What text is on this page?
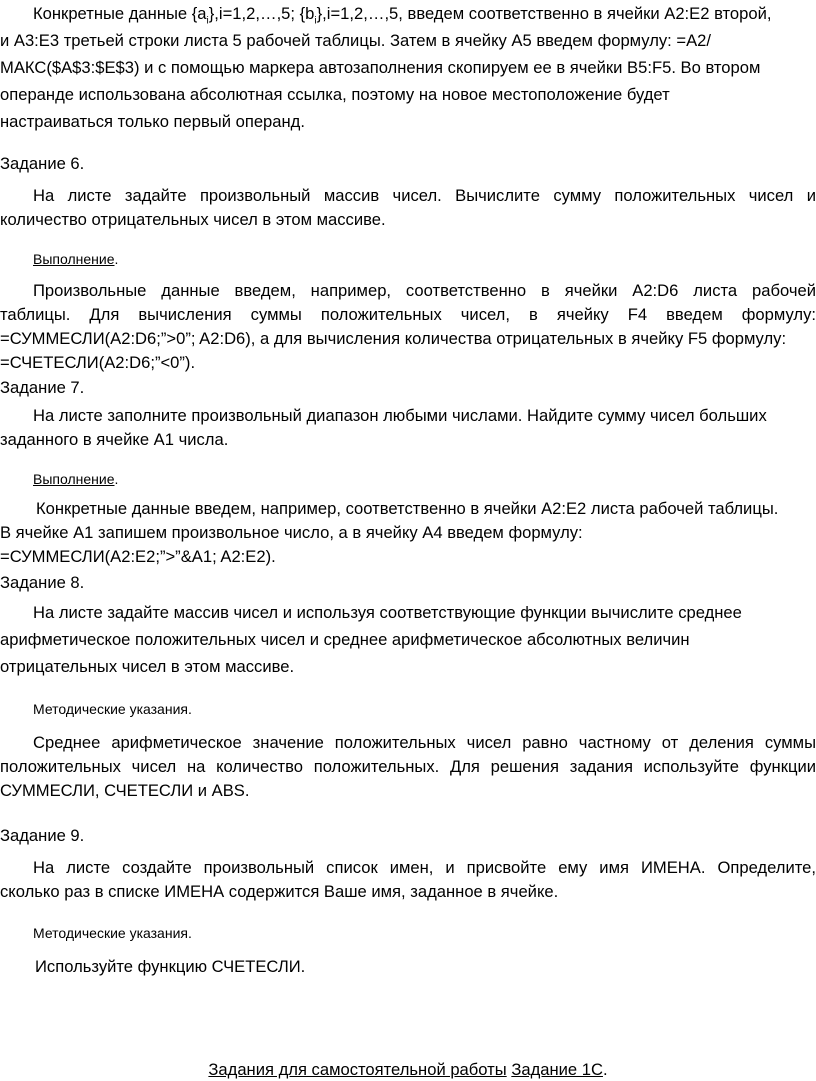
Конкретные данные $\{a_i\},i=1,2,\dots,5$; $\{b_i\},i=1,2,\dots,5$, введем соответственно в ячейки A2:E2 второй,

и A3:E3 третьей строки листа 5 рабочей таблицы. Затем в ячейку A5 введем формулу: =A2/

МАКС($A$3:$E$3) и с помощью маркера автозаполнения скопируем ее в ячейки B5:F5. Во втором

операнде использована абсолютная ссылка, поэтому на новое местоположение будет

настраиваться только первый операнд.

Задание 6.

На листе задайте произвольный массив чисел. Вычислите сумму положительных чисел и

количество отрицательных чисел в этом массиве.

Выполнение.

Произвольные данные введем, например, соответственно в ячейки A2:D6 листа рабочей

таблицы. Для вычисления суммы положительных чисел, в ячейку F4 введем формулу:

=СУММЕСЛИ(A2:D6;”>0”; A2:D6), а для вычисления количества отрицательных в ячейку F5 формулу:

=СЧЕТЕСЛИ(A2:D6;”<0”).

Задание 7.

На листе заполните произвольный диапазон любыми числами. Найдите сумму чисел больших

заданного в ячейке A1 числа.

Выполнение.

Конкретные данные введем, например, соответственно в ячейки A2:E2 листа рабочей таблицы.

В ячейке A1 запишем произвольное число, а в ячейку A4 введем формулу:

=СУММЕСЛИ(A2:E2;”>”&A1; A2:E2).

Задание 8.

На листе задайте массив чисел и используя соответствующие функции вычислите среднее

арифметическое положительных чисел и среднее арифметическое абсолютных величин

отрицательных чисел в этом массиве.

Методические указания.

Среднее арифметическое значение положительных чисел равно частному от деления суммы

положительных чисел на количество положительных. Для решения задания используйте функции

СУММЕСЛИ, СЧЕТЕСЛИ и ABS.

Задание 9.

На листе создайте произвольный список имен, и присвойте ему имя ИМЕНА. Определите,

сколько раз в списке ИМЕНА содержится Ваше имя, заданное в ячейке.

Методические указания.

Используйте функцию СЧЕТЕСЛИ.

Задания для самостоятельной работы Задание 1С.
